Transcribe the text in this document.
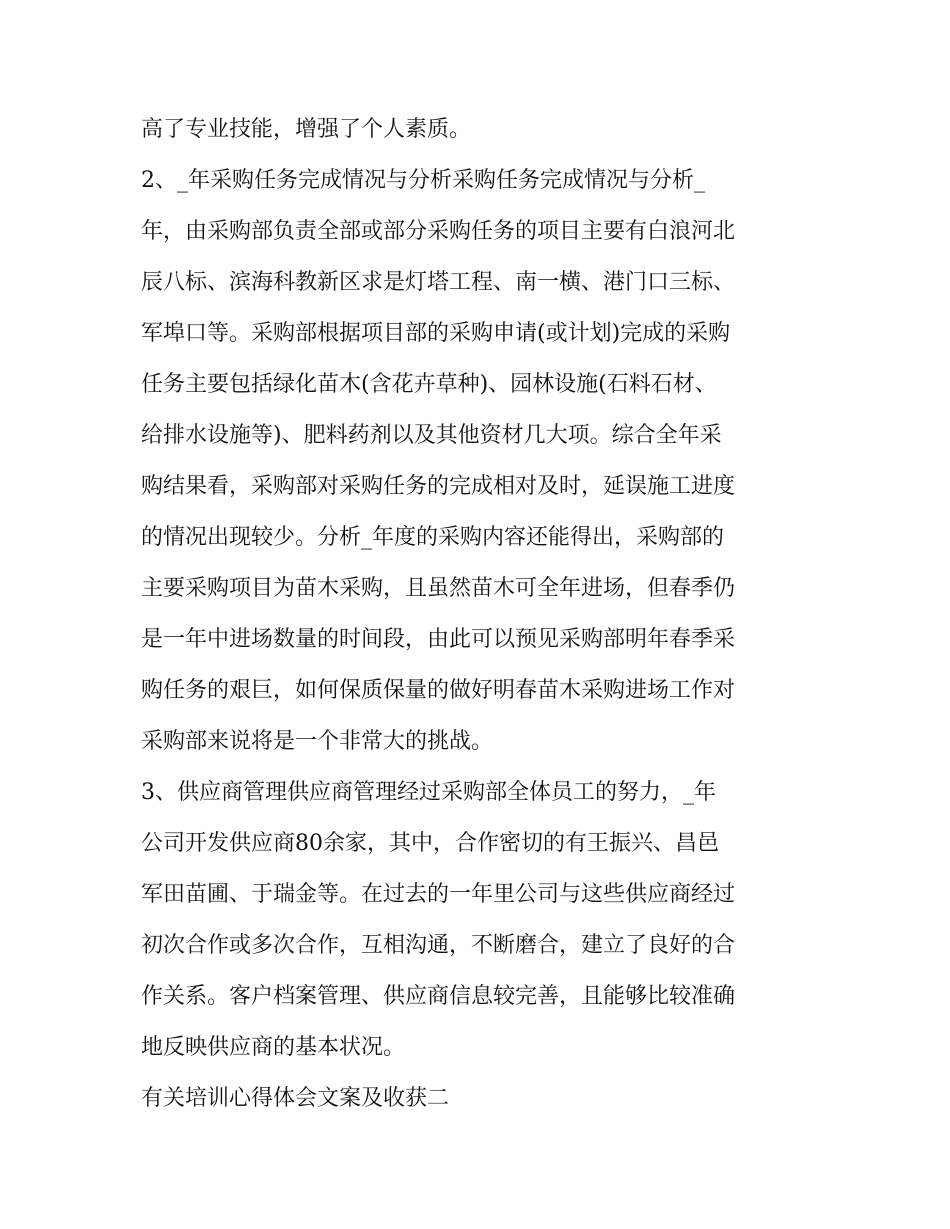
高了专业技能，增强了个人素质。
2、_年采购任务完成情况与分析采购任务完成情况与分析_
年，由采购部负责全部或部分采购任务的项目主要有白浪河北
辰八标、滨海科教新区求是灯塔工程、南一横、港门口三标、
军埠口等。采购部根据项目部的采购申请(或计划)完成的采购
任务主要包括绿化苗木(含花卉草种)、园林设施(石料石材、
给排水设施等)、肥料药剂以及其他资材几大项。综合全年采
购结果看，采购部对采购任务的完成相对及时，延误施工进度
的情况出现较少。分析_年度的采购内容还能得出，采购部的
主要采购项目为苗木采购，且虽然苗木可全年进场，但春季仍
是一年中进场数量的时间段，由此可以预见采购部明年春季采
购任务的艰巨，如何保质保量的做好明春苗木采购进场工作对
采购部来说将是一个非常大的挑战。
3、供应商管理供应商管理经过采购部全体员工的努力，_年
公司开发供应商80余家，其中，合作密切的有王振兴、昌邑
军田苗圃、于瑞金等。在过去的一年里公司与这些供应商经过
初次合作或多次合作，互相沟通，不断磨合，建立了良好的合
作关系。客户档案管理、供应商信息较完善，且能够比较准确
地反映供应商的基本状况。
有关培训心得体会文案及收获二
